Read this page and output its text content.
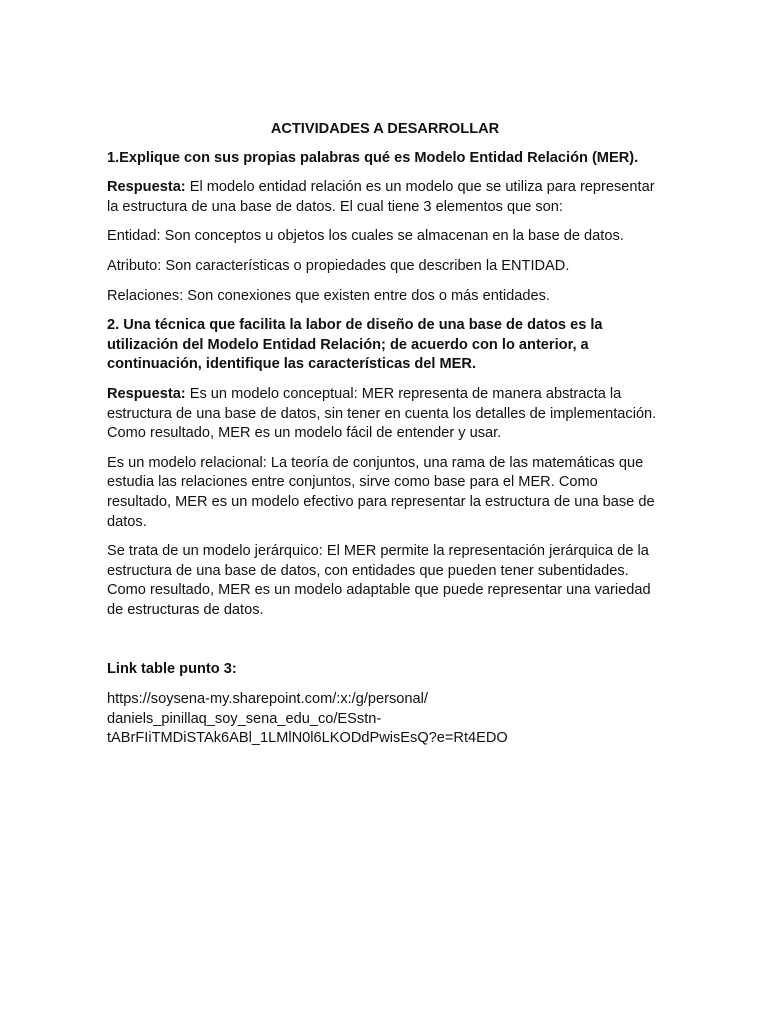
ACTIVIDADES A DESARROLLAR

1.Explique con sus propias palabras qué es Modelo Entidad Relación (MER).

Respuesta: El modelo entidad relación es un modelo que se utiliza para representar la estructura de una base de datos. El cual tiene 3 elementos que son:

Entidad: Son conceptos u objetos los cuales se almacenan en la base de datos.

Atributo: Son características o propiedades que describen la ENTIDAD.

Relaciones: Son conexiones que existen entre dos o más entidades.

2. Una técnica que facilita la labor de diseño de una base de datos es la utilización del Modelo Entidad Relación; de acuerdo con lo anterior, a continuación, identifique las características del MER.

Respuesta: Es un modelo conceptual: MER representa de manera abstracta la estructura de una base de datos, sin tener en cuenta los detalles de implementación. Como resultado, MER es un modelo fácil de entender y usar.

Es un modelo relacional: La teoría de conjuntos, una rama de las matemáticas que estudia las relaciones entre conjuntos, sirve como base para el MER. Como resultado, MER es un modelo efectivo para representar la estructura de una base de datos.

Se trata de un modelo jerárquico: El MER permite la representación jerárquica de la estructura de una base de datos, con entidades que pueden tener subentidades. Como resultado, MER es un modelo adaptable que puede representar una variedad de estructuras de datos.

Link table punto 3:

https://soysena-my.sharepoint.com/:x:/g/personal/
daniels_pinillaq_soy_sena_edu_co/ESstn-
tABrFIiTMDiSTAk6ABl_1LMlN0l6LKODdPwisEsQ?e=Rt4EDO
